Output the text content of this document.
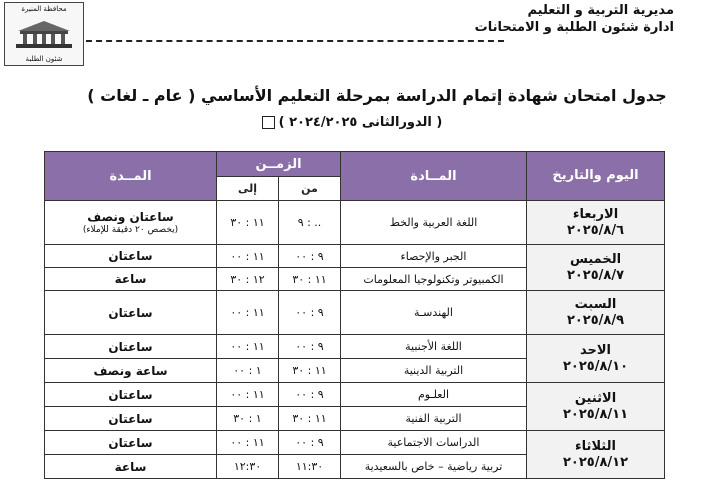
محافظة المنيرة
شئون الطلبة
مديرية التربية و التعليم
ادارة شئون الطلبة و الامتحانات
جدول امتحان شهادة إتمام الدراسة بمرحلة التعليم الأساسي ( عام ـ لغات )
( الدورالثانى ٢٠٢٤/٢٠٢٥ )
اليوم والتاريخ	المــادة	الزمــن		المــدة
		من	إلى	

الاربعاء
٢٠٢٥/٨/٦	اللغة العربية والخط	٩ : ..	١١ : ٣٠	ساعتان ونصف
(يخصص ٢٠ دقيقة للإملاء)

الخميس
٢٠٢٥/٨/٧	الجبر والإحصاء	٩ : ٠٠	١١ : ٠٠	ساعتان
	الكمبيوتر وتكنولوجيا المعلومات	١١ : ٣٠	١٢ : ٣٠	ساعة

السبت
٢٠٢٥/٨/٩	الهندسـة	٩ : ٠٠	١١ : ٠٠	ساعتان

الاحد
٢٠٢٥/٨/١٠	اللغة الأجنبية	٩ : ٠٠	١١ : ٠٠	ساعتان
	التربية الدينية	١١ : ٣٠	١ : ٠٠	ساعة ونصف

الاثنين
٢٠٢٥/٨/١١	العلـوم	٩ : ٠٠	١١ : ٠٠	ساعتان
	التربية الفنية	١١ : ٣٠	١ : ٣٠	ساعتان

الثلاثاء
٢٠٢٥/٨/١٢	الدراسات الاجتماعية	٩ : ٠٠	١١ : ٠٠	ساعتان
	تربية رياضية – خاص بالسعيدية	١١:٣٠	١٢:٣٠	ساعة
